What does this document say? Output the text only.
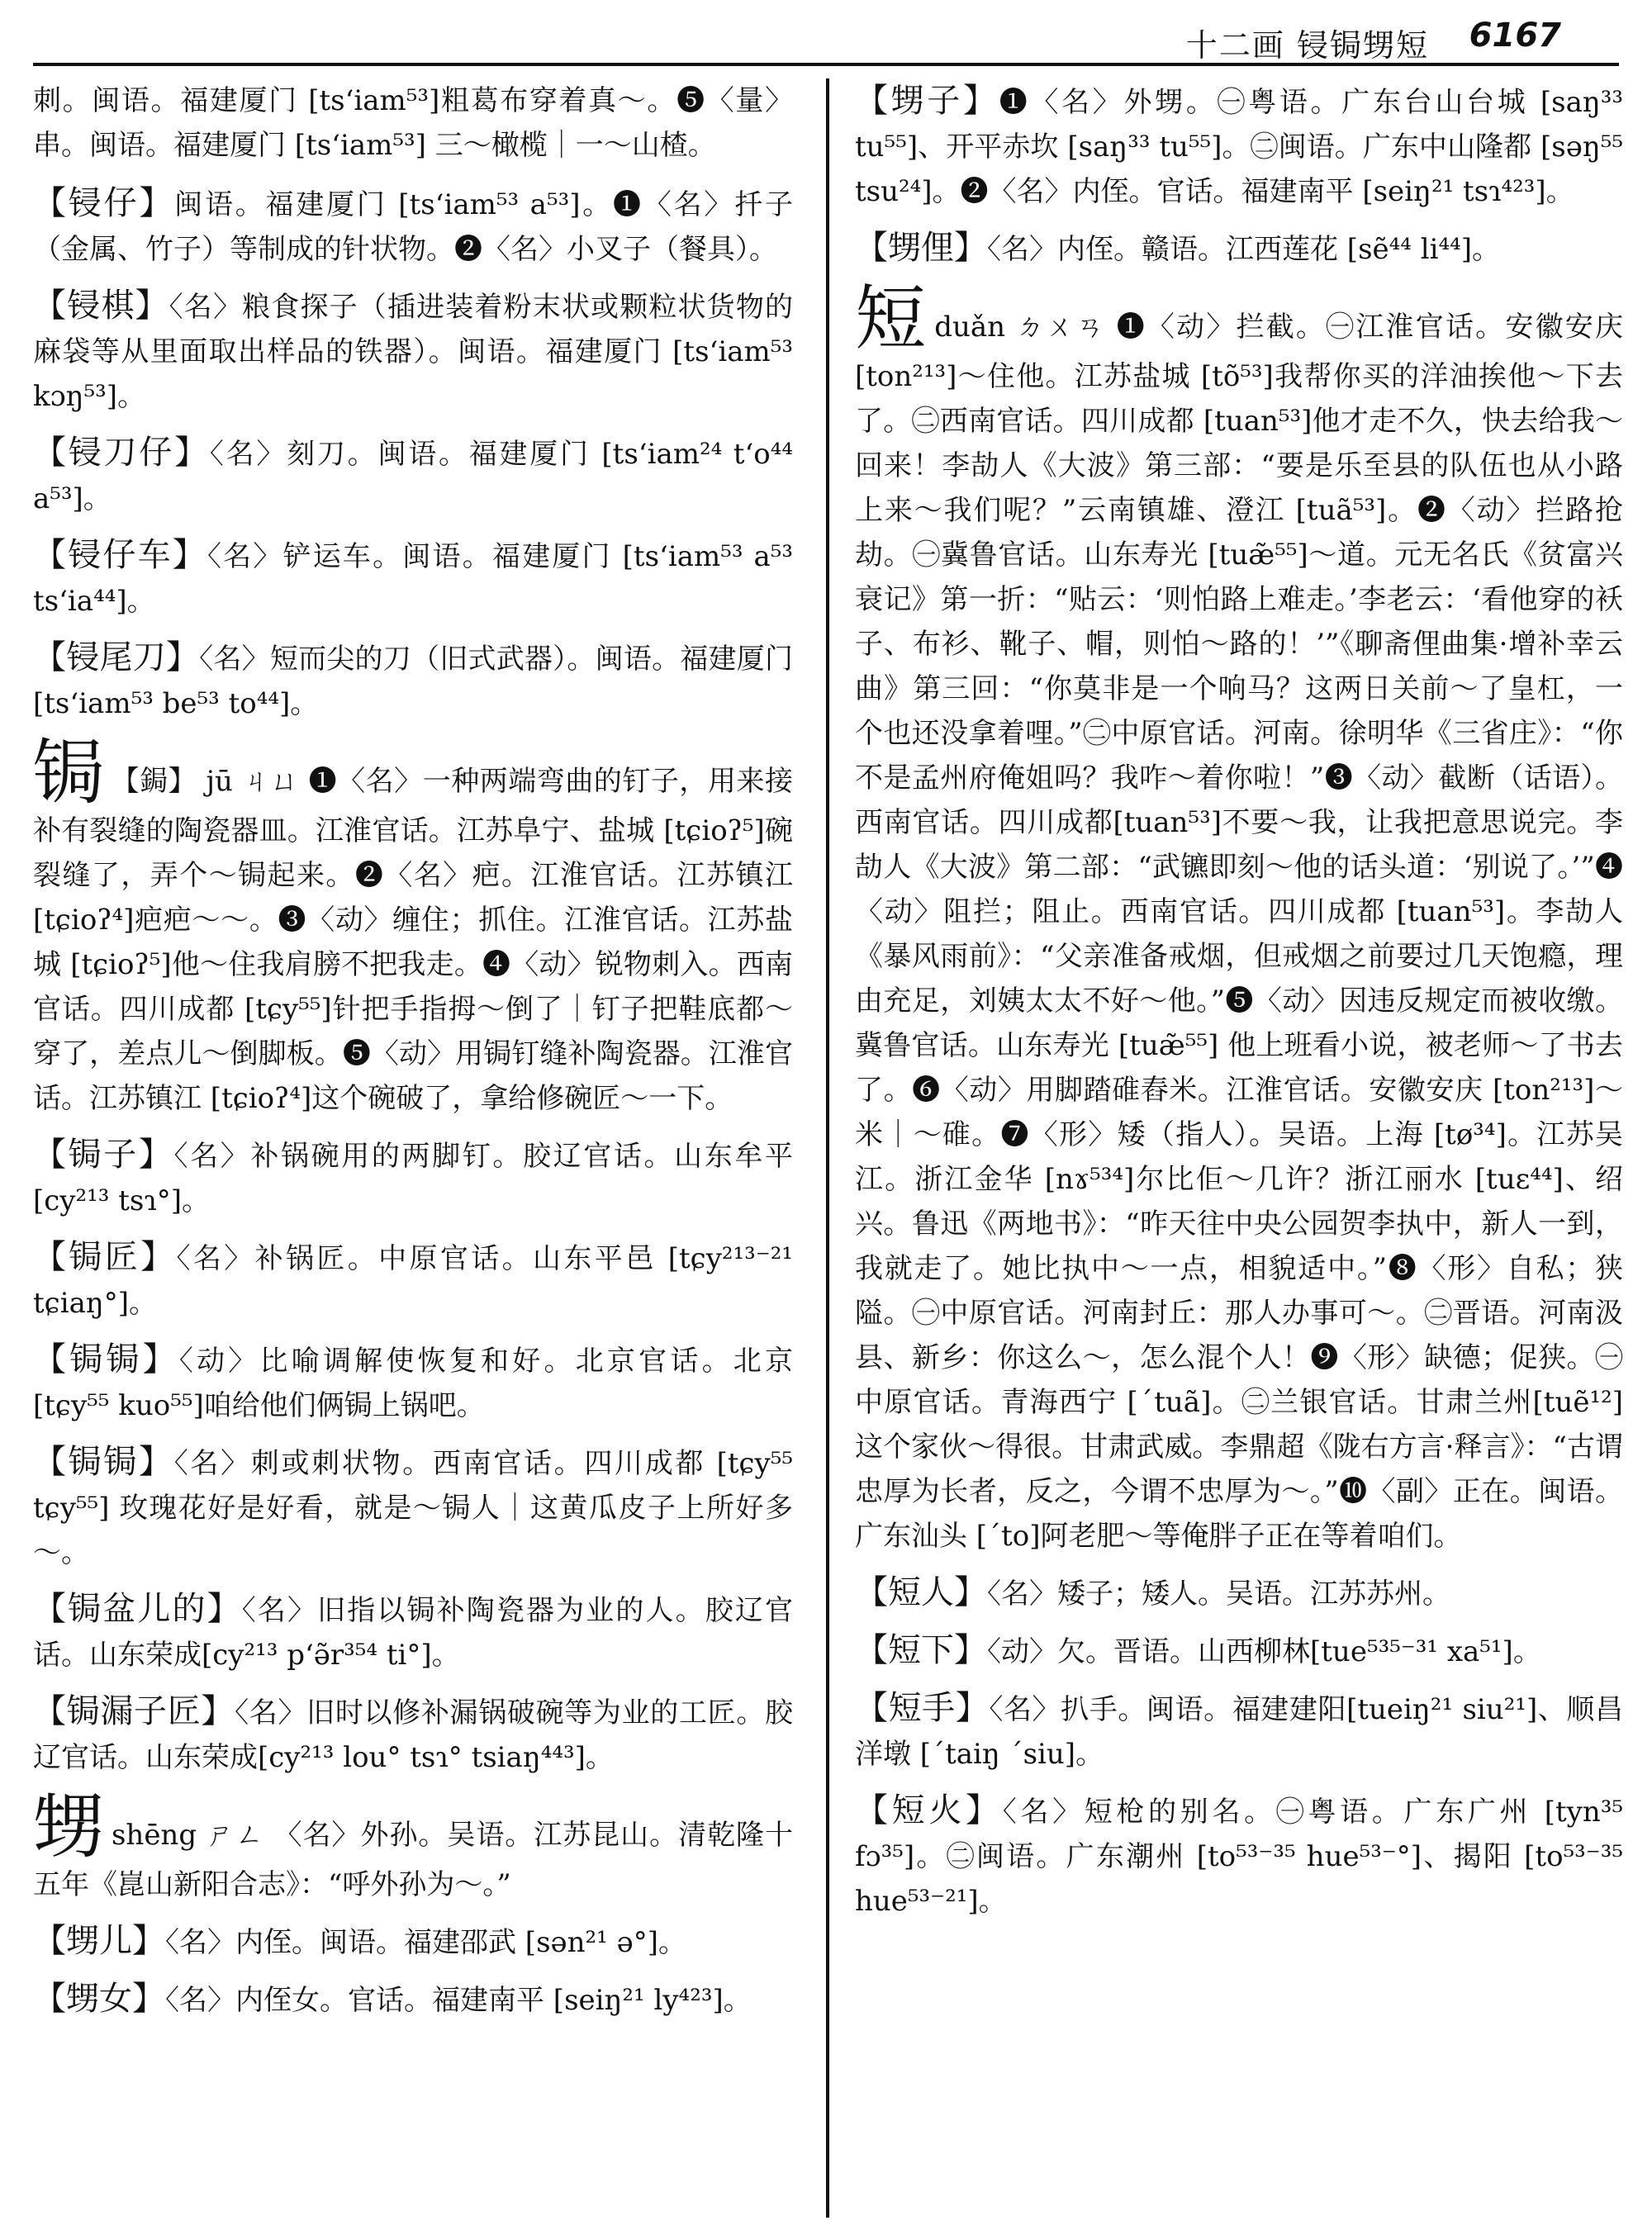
十二画 锓锔甥短 6167

刺。闽语。福建厦门 [tsʻiam⁵³]粗葛布穿着真～。❺〈量〉串。闽语。福建厦门 [tsʻiam⁵³] 三～橄榄｜一～山楂。

【锓仔】闽语。福建厦门 [tsʻiam⁵³ a⁵³]。❶〈名〉扦子（金属、竹子）等制成的针状物。❷〈名〉小叉子（餐具）。

【锓棋】〈名〉粮食探子（插进装着粉末状或颗粒状货物的麻袋等从里面取出样品的铁器）。闽语。福建厦门 [tsʻiam⁵³ kɔŋ⁵³]。

【锓刀仔】〈名〉刻刀。闽语。福建厦门 [tsʻiam²⁴ tʻo⁴⁴ a⁵³]。

【锓仔车】〈名〉铲运车。闽语。福建厦门 [tsʻiam⁵³ a⁵³ tsʻia⁴⁴]。

【锓尾刀】〈名〉短而尖的刀（旧式武器）。闽语。福建厦门 [tsʻiam⁵³ be⁵³ to⁴⁴]。

锔 【鋦】 jū ㄐㄩ ❶〈名〉一种两端弯曲的钉子，用来接补有裂缝的陶瓷器皿。江淮官话。江苏阜宁、盐城 [tɕioʔ⁵]碗裂缝了，弄个～锔起来。❷〈名〉疤。江淮官话。江苏镇江 [tɕioʔ⁴]疤疤～～。❸〈动〉缠住；抓住。江淮官话。江苏盐城 [tɕioʔ⁵]他～住我肩膀不把我走。❹〈动〉锐物刺入。西南官话。四川成都 [tɕy⁵⁵]针把手指拇～倒了｜钉子把鞋底都～穿了，差点儿～倒脚板。❺〈动〉用锔钉缝补陶瓷器。江淮官话。江苏镇江 [tɕioʔ⁴]这个碗破了，拿给修碗匠～一下。

【锔子】〈名〉补锅碗用的两脚钉。胶辽官话。山东牟平 [cy²¹³ tsɿ°]。

【锔匠】〈名〉补锅匠。中原官话。山东平邑 [tɕy²¹³⁻²¹ tɕiaŋ°]。

【锔锔】〈动〉比喻调解使恢复和好。北京官话。北京 [tɕy⁵⁵ kuo⁵⁵]咱给他们俩锔上锅吧。

【锔锔】〈名〉刺或刺状物。西南官话。四川成都 [tɕy⁵⁵ tɕy⁵⁵] 玫瑰花好是好看，就是～锔人｜这黄瓜皮子上所好多～。

【锔盆儿的】〈名〉旧指以锔补陶瓷器为业的人。胶辽官话。山东荣成[cy²¹³ pʻə̃r³⁵⁴ ti°]。

【锔漏子匠】〈名〉旧时以修补漏锅破碗等为业的工匠。胶辽官话。山东荣成[cy²¹³ lou° tsɿ° tsiaŋ⁴⁴³]。

甥shēng ㄕㄥ 〈名〉外孙。吴语。江苏昆山。清乾隆十五年《崑山新阳合志》：“呼外孙为～。”

【甥儿】〈名〉内侄。闽语。福建邵武 [sən²¹ ə°]。

【甥女】〈名〉内侄女。官话。福建南平 [seiŋ²¹ ly⁴²³]。

【甥子】❶〈名〉外甥。㊀粤语。广东台山台城 [saŋ³³ tu⁵⁵]、开平赤坎 [saŋ³³ tu⁵⁵]。㊁闽语。广东中山隆都 [səŋ⁵⁵ tsu²⁴]。❷〈名〉内侄。官话。福建南平 [seiŋ²¹ tsɿ⁴²³]。

【甥俚】〈名〉内侄。赣语。江西莲花 [sẽ⁴⁴ li⁴⁴]。

短duǎn ㄉㄨㄢ ❶〈动〉拦截。㊀江淮官话。安徽安庆 [ton²¹³]～住他。江苏盐城 [tõ⁵³]我帮你买的洋油挨他～下去了。㊁西南官话。四川成都 [tuan⁵³]他才走不久，快去给我～回来！李劼人《大波》第三部：“要是乐至县的队伍也从小路上来～我们呢？”云南镇雄、澄江 [tuã⁵³]。❷〈动〉拦路抢劫。㊀冀鲁官话。山东寿光 [tuæ̃⁵⁵]～道。元无名氏《贫富兴衰记》第一折：“贴云：‘则怕路上难走。’李老云：‘看他穿的袄子、布衫、靴子、帽，则怕～路的！’”《聊斋俚曲集·增补幸云曲》第三回：“你莫非是一个响马？这两日关前～了皇杠，一个也还没拿着哩。”㊁中原官话。河南。徐明华《三省庄》：“你不是孟州府俺姐吗？我咋～着你啦！”❸〈动〉截断（话语）。西南官话。四川成都[tuan⁵³]不要～我，让我把意思说完。李劼人《大波》第二部：“武镳即刻～他的话头道：‘别说了。’”❹〈动〉阻拦；阻止。西南官话。四川成都 [tuan⁵³]。李劼人《暴风雨前》：“父亲准备戒烟，但戒烟之前要过几天饱瘾，理由充足，刘姨太太不好～他。”❺〈动〉因违反规定而被收缴。冀鲁官话。山东寿光 [tuæ̃⁵⁵] 他上班看小说，被老师～了书去了。❻〈动〉用脚踏碓舂米。江淮官话。安徽安庆 [ton²¹³]～米｜～碓。❼〈形〉矮（指人）。吴语。上海 [tø³⁴]。江苏吴江。浙江金华 [nɤ⁵³⁴]尔比佢～几许？浙江丽水 [tuɛ⁴⁴]、绍兴。鲁迅《两地书》：“昨天往中央公园贺李执中，新人一到，我就走了。她比执中～一点，相貌适中。”❽〈形〉自私；狭隘。㊀中原官话。河南封丘：那人办事可～。㊁晋语。河南汲县、新乡：你这么～，怎么混个人！❾〈形〉缺德；促狭。㊀中原官话。青海西宁 [ˊtuã]。㊁兰银官话。甘肃兰州[tuẽ¹²]这个家伙～得很。甘肃武威。李鼎超《陇右方言·释言》：“古谓忠厚为长者，反之，今谓不忠厚为～。”❿〈副〉正在。闽语。广东汕头 [ˊto]阿老肥～等俺胖子正在等着咱们。

【短人】〈名〉矮子；矮人。吴语。江苏苏州。

【短下】〈动〉欠。晋语。山西柳林[tue⁵³⁵⁻³¹ xa⁵¹]。

【短手】〈名〉扒手。闽语。福建建阳[tueiŋ²¹ siu²¹]、顺昌洋墩 [ˊtaiŋ ˊsiu]。

【短火】〈名〉短枪的别名。㊀粤语。广东广州 [tyn³⁵ fɔ³⁵]。㊁闽语。广东潮州 [to⁵³⁻³⁵ hue⁵³⁻°]、揭阳 [to⁵³⁻³⁵ hue⁵³⁻²¹]。
